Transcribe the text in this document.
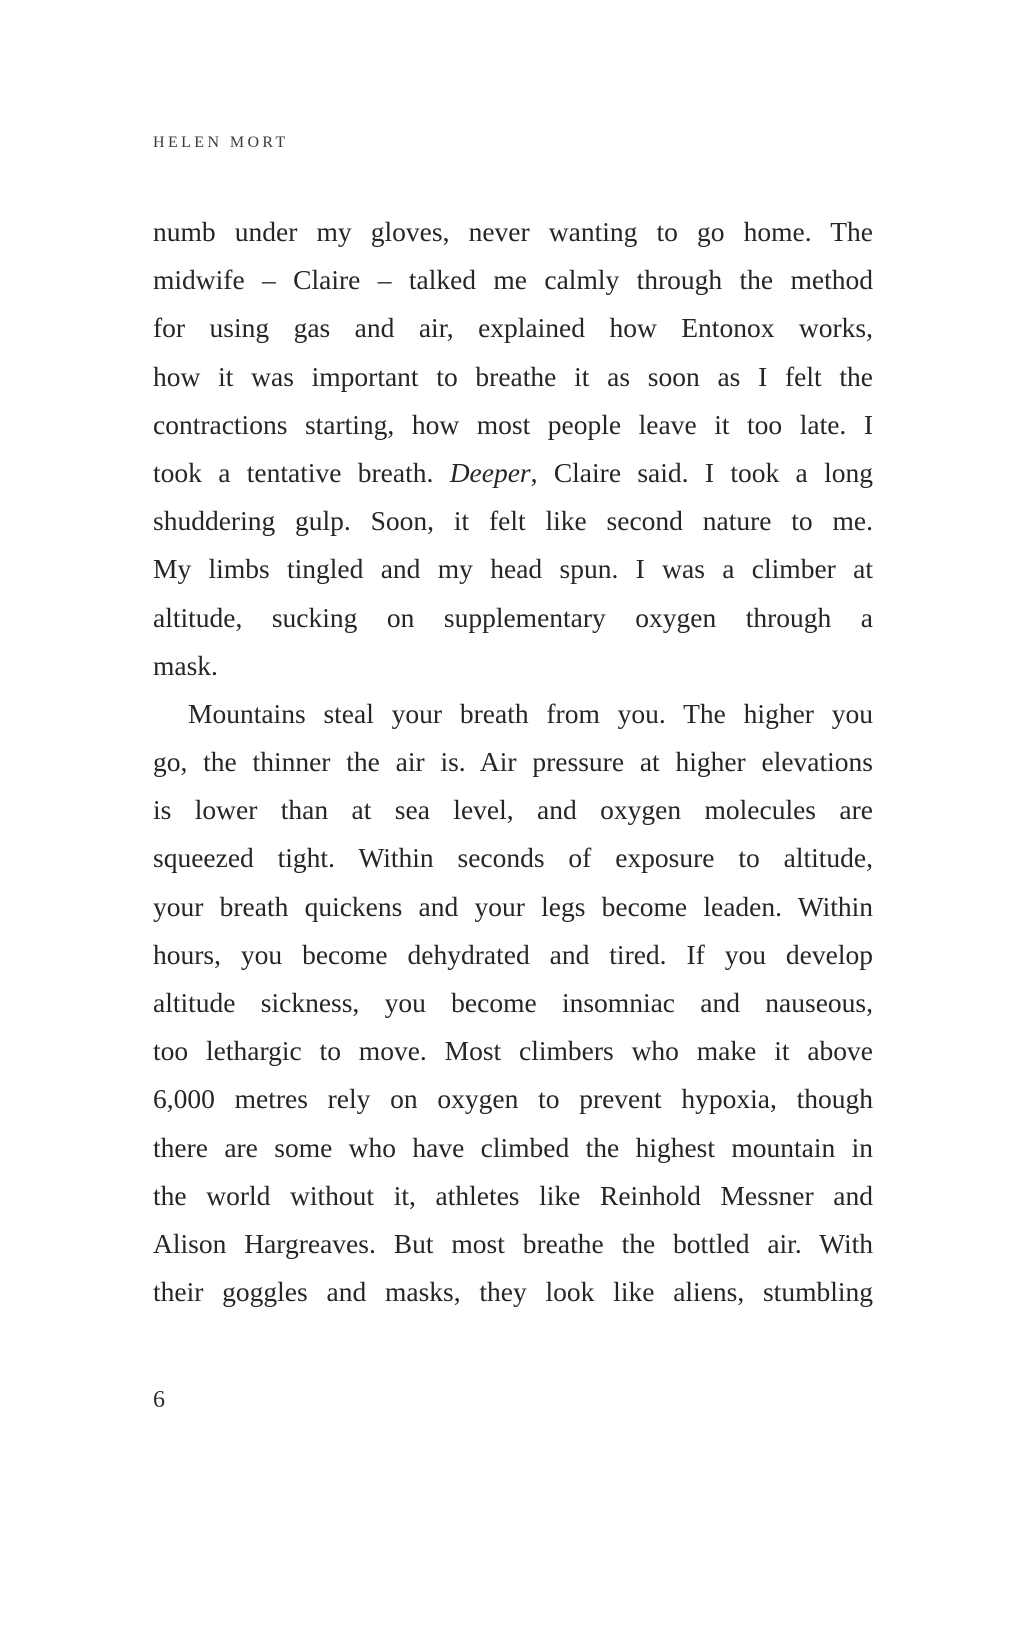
HELEN MORT
numb under my gloves, never wanting to go home. The
midwife – Claire – talked me calmly through the method
for using gas and air, explained how Entonox works,
how it was important to breathe it as soon as I felt the
contractions starting, how most people leave it too late. I
took a tentative breath. Deeper, Claire said. I took a long
shuddering gulp. Soon, it felt like second nature to me.
My limbs tingled and my head spun. I was a climber at
altitude, sucking on supplementary oxygen through a
mask.
Mountains steal your breath from you. The higher you
go, the thinner the air is. Air pressure at higher elevations
is lower than at sea level, and oxygen molecules are
squeezed tight. Within seconds of exposure to altitude,
your breath quickens and your legs become leaden. Within
hours, you become dehydrated and tired. If you develop
altitude sickness, you become insomniac and nauseous,
too lethargic to move. Most climbers who make it above
6,000 metres rely on oxygen to prevent hypoxia, though
there are some who have climbed the highest mountain in
the world without it, athletes like Reinhold Messner and
Alison Hargreaves. But most breathe the bottled air. With
their goggles and masks, they look like aliens, stumbling
6
